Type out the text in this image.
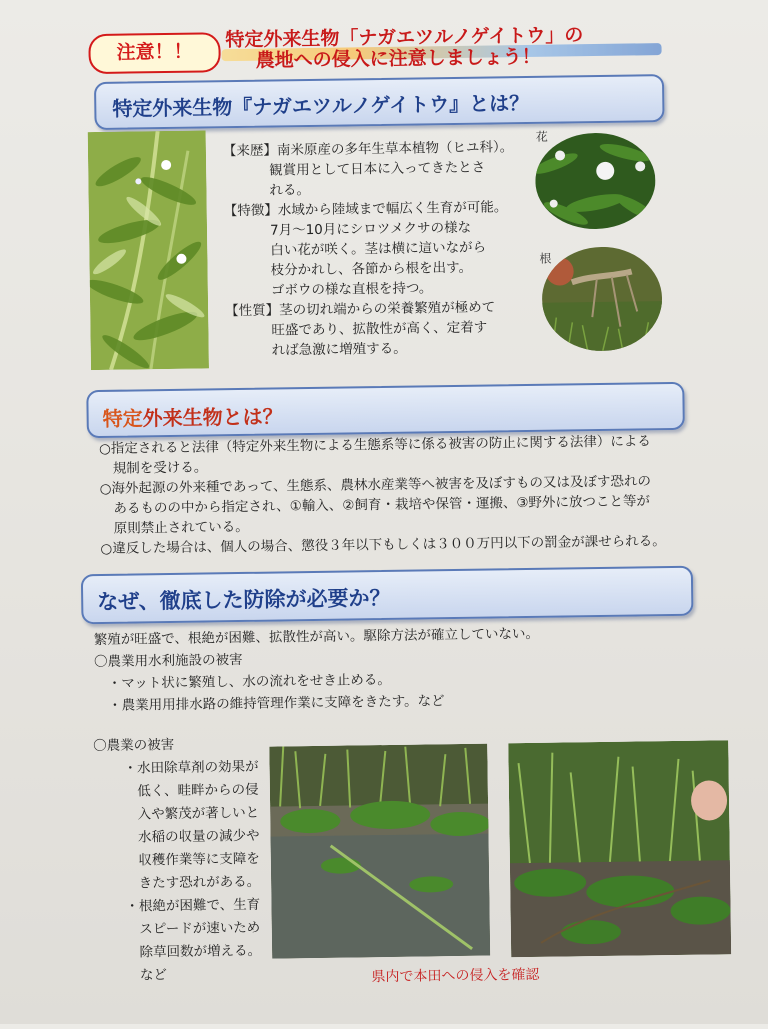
注意！！
特定外来生物「ナガエツルノゲイトウ」の
農地への侵入に注意しましょう！
特定外来生物『ナガエツルノゲイトウ』とは？
【来歴】南米原産の多年生草本植物（ヒユ科）。
観賞用として日本に入ってきたとさ
れる。
【特徴】水域から陸域まで幅広く生育が可能。
7月～10月にシロツメクサの様な
白い花が咲く。茎は横に這いながら
枝分かれし、各節から根を出す。
ゴボウの様な直根を持つ。
【性質】茎の切れ端からの栄養繁殖が極めて
旺盛であり、拡散性が高く、定着す
れば急激に増殖する。
花
根
特定外来生物とは？
○指定されると法律（特定外来生物による生態系等に係る被害の防止に関する法律）による
　規制を受ける。
○海外起源の外来種であって、生態系、農林水産業等へ被害を及ぼすもの又は及ぼす恐れの
　あるものの中から指定され、①輸入、②飼育・栽培や保管・運搬、③野外に放つこと等が
　原則禁止されている。
○違反した場合は、個人の場合、懲役３年以下もしくは３００万円以下の罰金が課せられる。
なぜ、徹底した防除が必要か？
繁殖が旺盛で、根絶が困難、拡散性が高い。駆除方法が確立していない。
〇農業用水利施設の被害
　・マット状に繁殖し、水の流れをせき止める。
　・農業用用排水路の維持管理作業に支障をきたす。など
〇農業の被害
・水田除草剤の効果が
　低く、畦畔からの侵
　入や繁茂が著しいと
　水稲の収量の減少や
　収穫作業等に支障を
　きたす恐れがある。
・根絶が困難で、生育
　スピードが速いため
　除草回数が増える。
　など	県内で本田への侵入を確認
